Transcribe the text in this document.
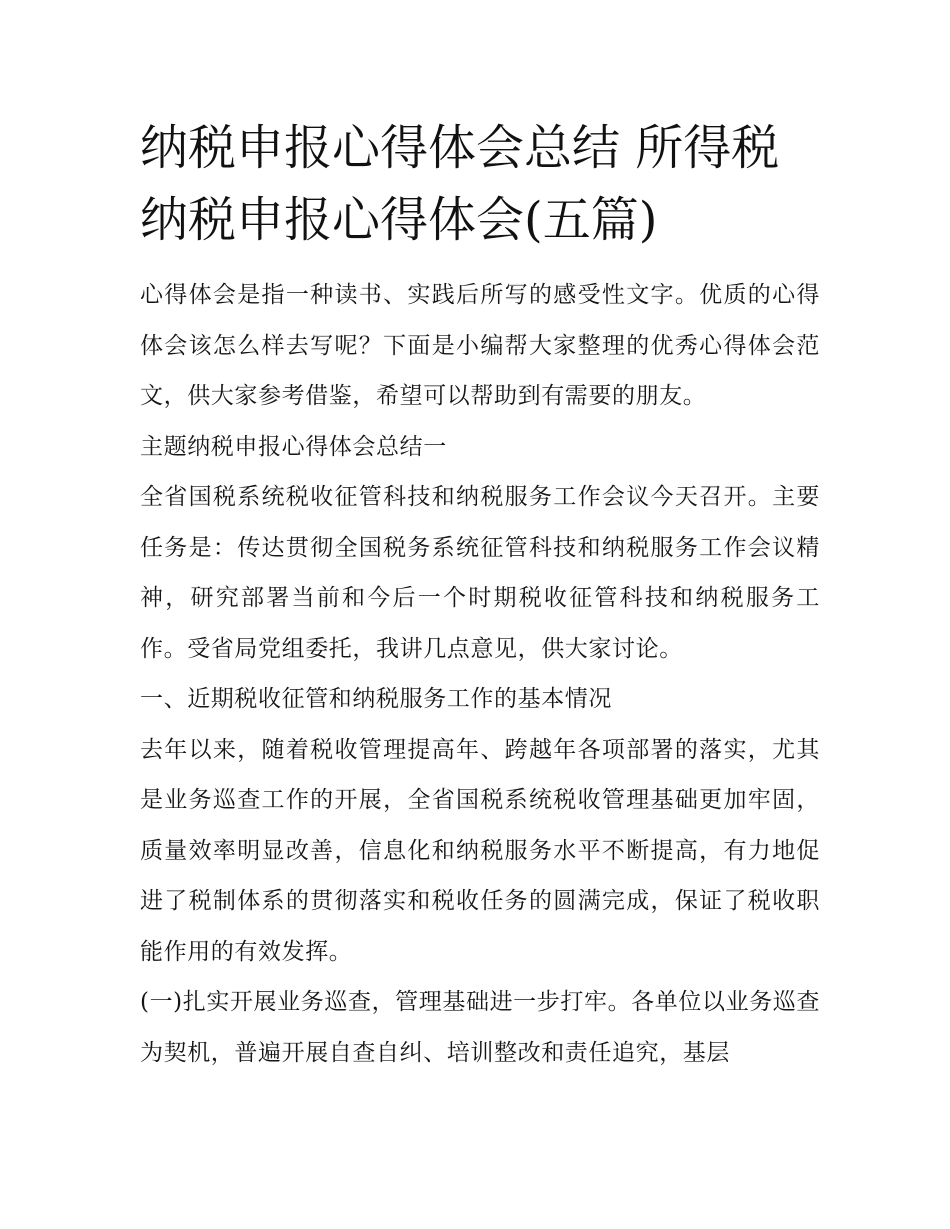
纳税申报心得体会总结 所得税
纳税申报心得体会(五篇)

心得体会是指一种读书、实践后所写的感受性文字。优质的心得体会该怎么样去写呢？下面是小编帮大家整理的优秀心得体会范文，供大家参考借鉴，希望可以帮助到有需要的朋友。

主题纳税申报心得体会总结一

全省国税系统税收征管科技和纳税服务工作会议今天召开。主要任务是：传达贯彻全国税务系统征管科技和纳税服务工作会议精神，研究部署当前和今后一个时期税收征管科技和纳税服务工作。受省局党组委托，我讲几点意见，供大家讨论。

一、近期税收征管和纳税服务工作的基本情况

去年以来，随着税收管理提高年、跨越年各项部署的落实，尤其是业务巡查工作的开展，全省国税系统税收管理基础更加牢固，质量效率明显改善，信息化和纳税服务水平不断提高，有力地促进了税制体系的贯彻落实和税收任务的圆满完成，保证了税收职能作用的有效发挥。

(一)扎实开展业务巡查，管理基础进一步打牢。各单位以业务巡查为契机，普遍开展自查自纠、培训整改和责任追究，基层
